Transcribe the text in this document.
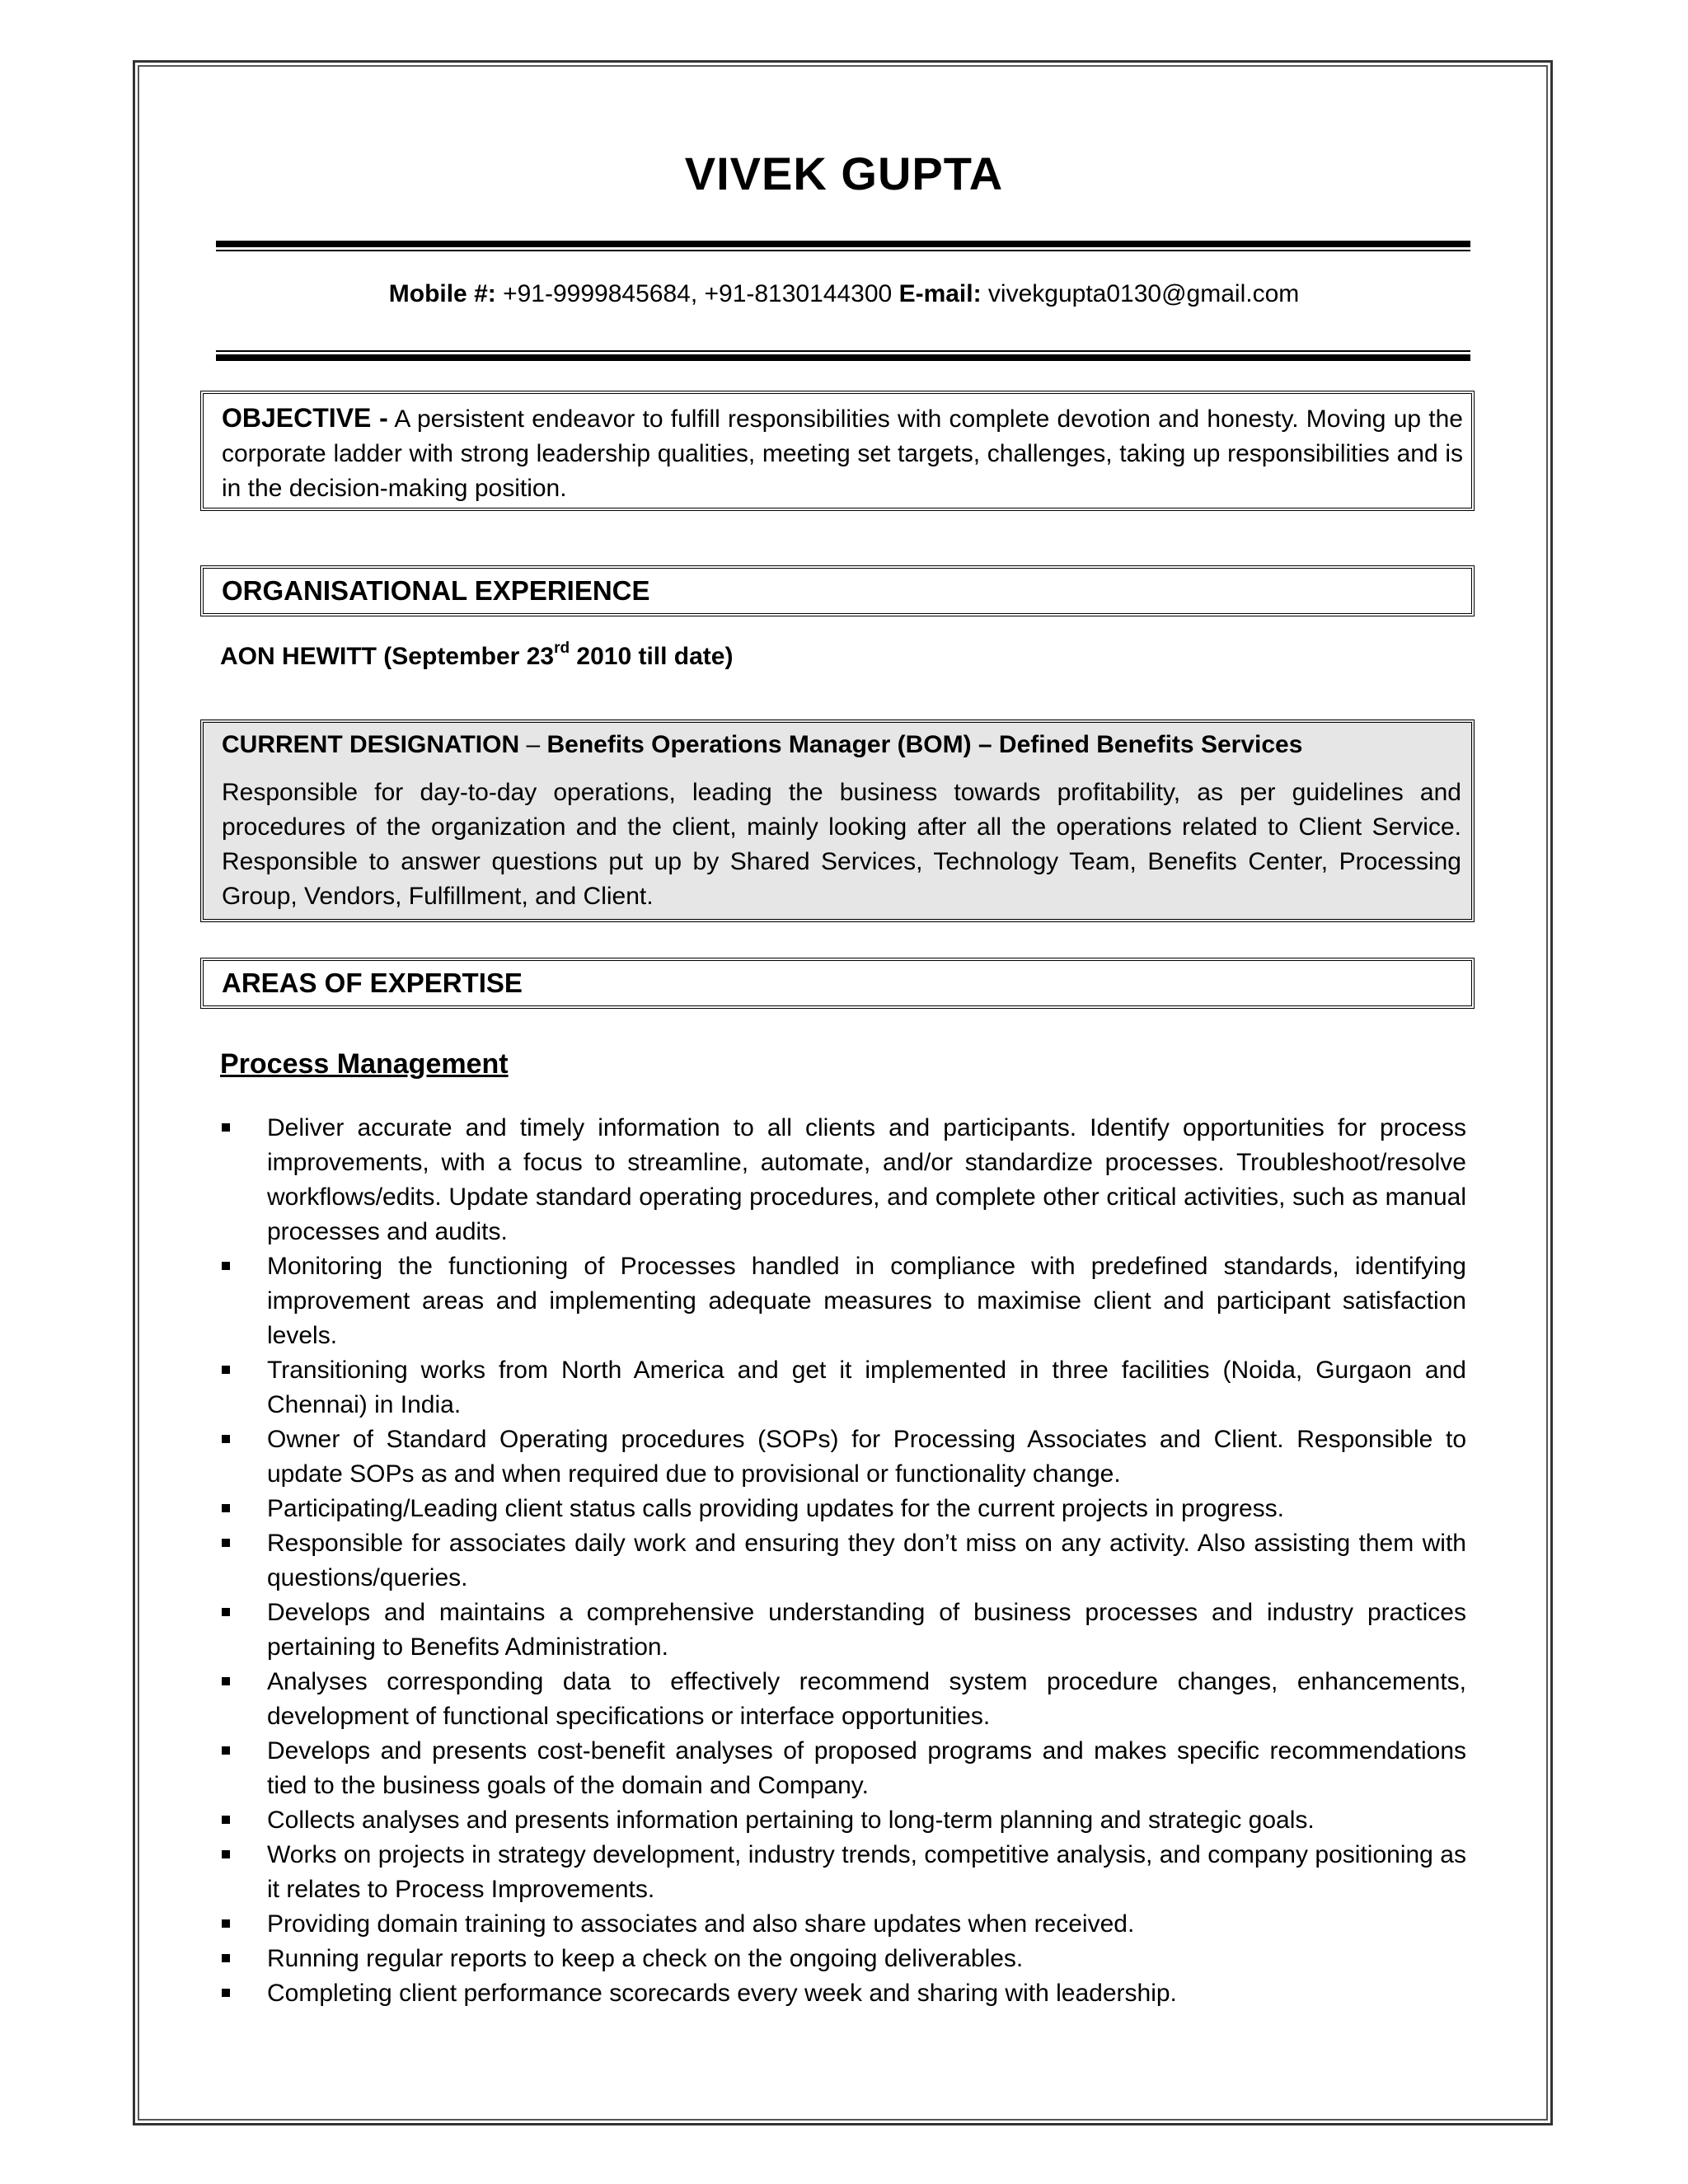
VIVEK GUPTA
Mobile #: +91-9999845684, +91-8130144300 E-mail: vivekgupta0130@gmail.com
OBJECTIVE - A persistent endeavor to fulfill responsibilities with complete devotion and honesty. Moving up the corporate ladder with strong leadership qualities, meeting set targets, challenges, taking up responsibilities and is in the decision-making position.
ORGANISATIONAL EXPERIENCE
AON HEWITT (September 23rd 2010 till date)
CURRENT DESIGNATION – Benefits Operations Manager (BOM) – Defined Benefits Services
Responsible for day-to-day operations, leading the business towards profitability, as per guidelines and procedures of the organization and the client, mainly looking after all the operations related to Client Service. Responsible to answer questions put up by Shared Services, Technology Team, Benefits Center, Processing Group, Vendors, Fulfillment, and Client.
AREAS OF EXPERTISE
Process Management
Deliver accurate and timely information to all clients and participants. Identify opportunities for process improvements, with a focus to streamline, automate, and/or standardize processes. Troubleshoot/resolve workflows/edits. Update standard operating procedures, and complete other critical activities, such as manual processes and audits.
Monitoring the functioning of Processes handled in compliance with predefined standards, identifying improvement areas and implementing adequate measures to maximise client and participant satisfaction levels.
Transitioning works from North America and get it implemented in three facilities (Noida, Gurgaon and Chennai) in India.
Owner of Standard Operating procedures (SOPs) for Processing Associates and Client. Responsible to update SOPs as and when required due to provisional or functionality change.
Participating/Leading client status calls providing updates for the current projects in progress.
Responsible for associates daily work and ensuring they don’t miss on any activity. Also assisting them with questions/queries.
Develops and maintains a comprehensive understanding of business processes and industry practices pertaining to Benefits Administration.
Analyses corresponding data to effectively recommend system procedure changes, enhancements, development of functional specifications or interface opportunities.
Develops and presents cost-benefit analyses of proposed programs and makes specific recommendations tied to the business goals of the domain and Company.
Collects analyses and presents information pertaining to long-term planning and strategic goals.
Works on projects in strategy development, industry trends, competitive analysis, and company positioning as it relates to Process Improvements.
Providing domain training to associates and also share updates when received.
Running regular reports to keep a check on the ongoing deliverables.
Completing client performance scorecards every week and sharing with leadership.
